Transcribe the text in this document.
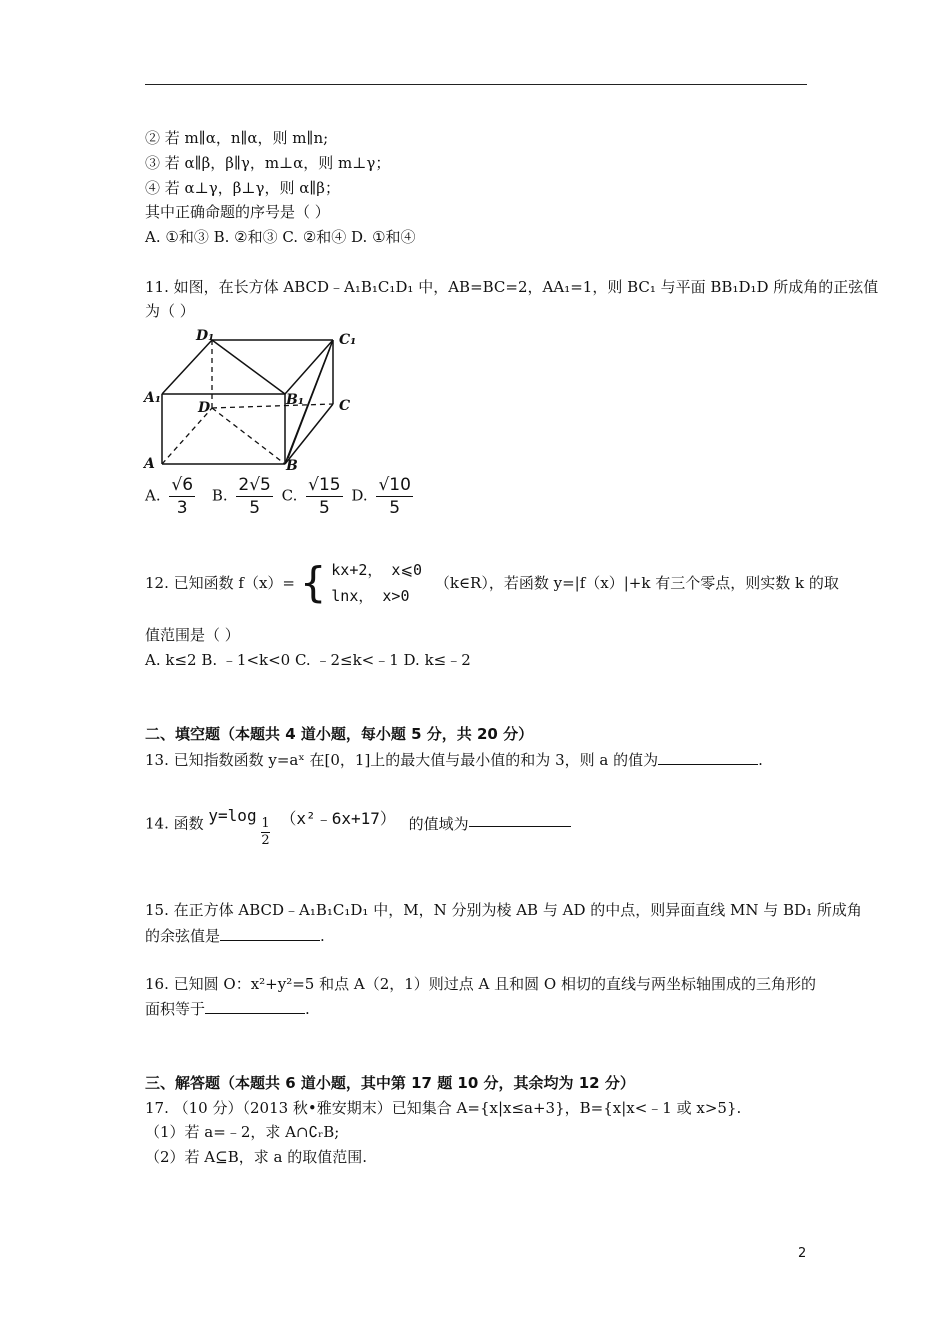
② 若 m∥α，n∥α，则 m∥n;
③ 若 α∥β，β∥γ，m⊥α，则 m⊥γ；
④ 若 α⊥γ，β⊥γ，则 α∥β；
其中正确命题的序号是（ ）
A. ①和③ B. ②和③ C. ②和④ D. ①和④
11. 如图，在长方体 ABCD﹣A₁B₁C₁D₁ 中，AB=BC=2，AA₁=1，则 BC₁ 与平面 BB₁D₁D 所成角的正弦值
为（ ）
D₁	C₁
A₁	B₁
D	C
A	B
A. $\frac{√6}{3} B$. $\frac{2√5}{5} C$. $\frac{√15}{5} D$. $\frac{√10}{5}$
12. 已知函数 f（x）= { kx+2， x⩽0
lnx， x>0
（k∈R），若函数 y=|f（x）|+k 有三个零点，则实数 k 的取
值范围是（ ）
A. k≤2 B. ﹣1<k<0 C. ﹣2≤k<﹣1 D. k≤﹣2
二、填空题（本题共 4 道小题，每小题 5 分，共 20 分）
13. 已知指数函数 y=aˣ 在[0，1]上的最大值与最小值的和为 3，则 a 的值为	.
14. 函数 y=log
$\frac{1}{2}$ （x²﹣6x+17） 的值域为
15. 在正方体 ABCD﹣A₁B₁C₁D₁ 中，M，N 分别为棱 AB 与 AD 的中点，则异面直线 MN 与 BD₁ 所成角
的余弦值是	.
16. 已知圆 O：x²+y²=5 和点 A（2，1）则过点 A 且和圆 O 相切的直线与两坐标轴围成的三角形的
面积等于	.
三、解答题（本题共 6 道小题，其中第 17 题 10 分，其余均为 12 分）
17. （10 分）（2013 秋•雅安期末）已知集合 A={x|x≤a+3}，B={x|x<﹣1 或 x>5}.
（1）若 a=﹣2，求 A∩∁ᵣB;
（2）若 A⊆B，求 a 的取值范围.
2
